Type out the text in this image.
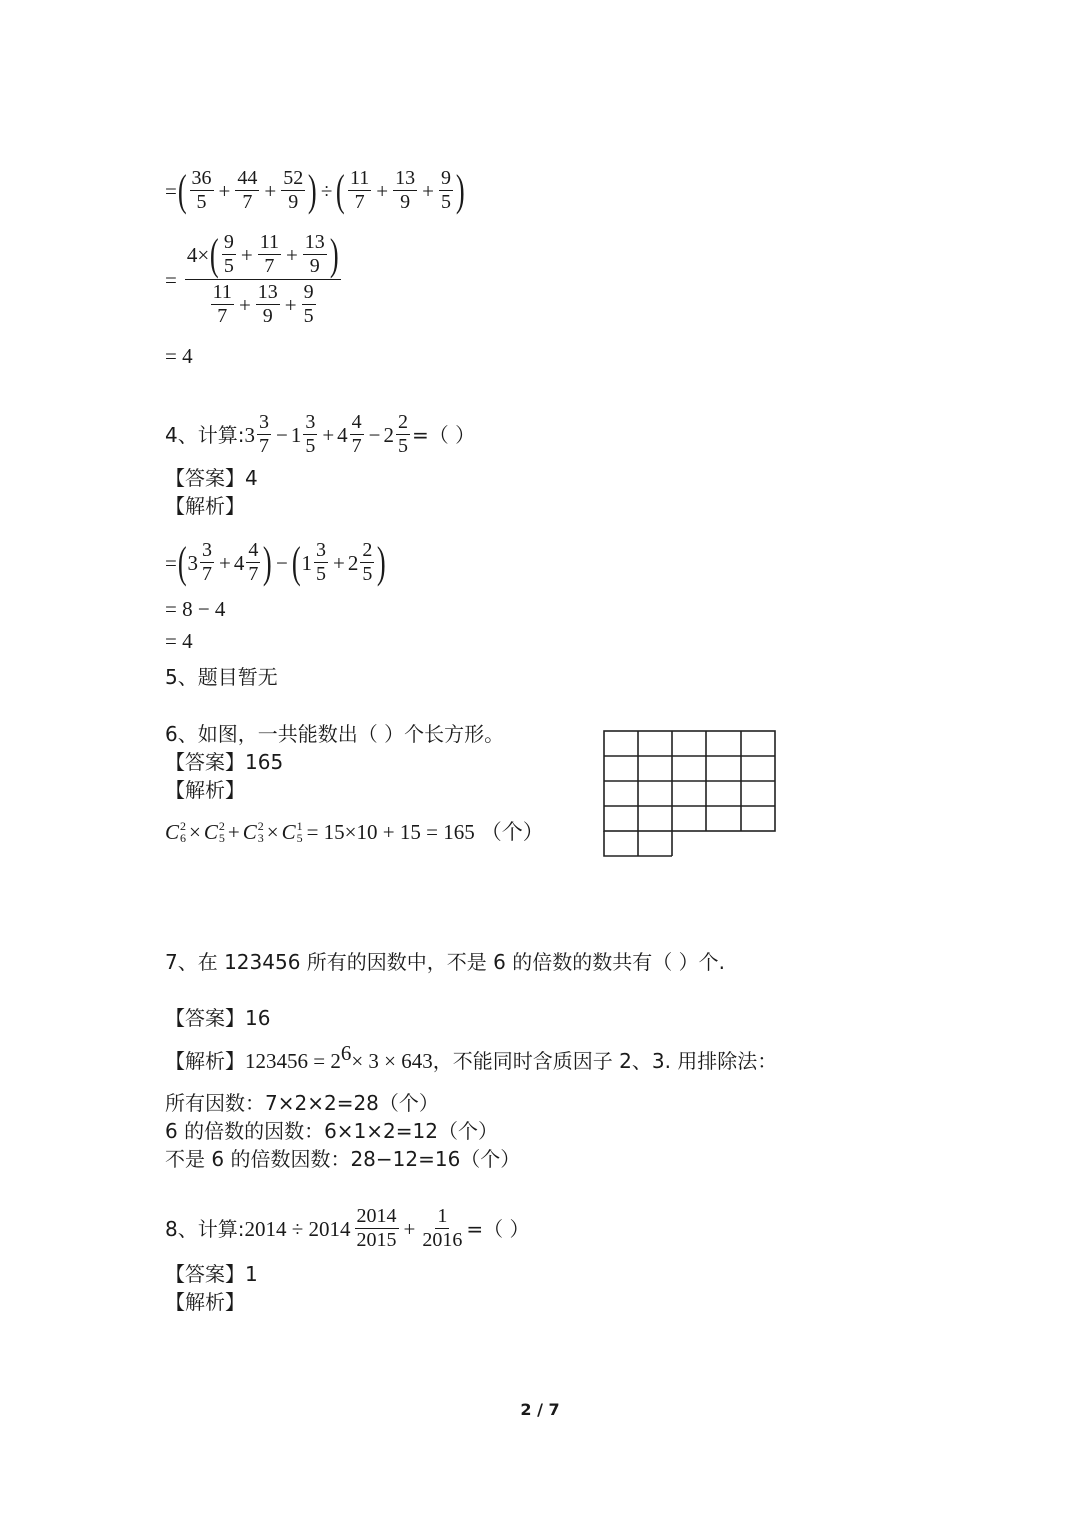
= ( $\frac{36}{5} + \frac{44}{7} + \frac{52}{9}$ ) ÷ ( $\frac{11}{7} + \frac{13}{9} + \frac{9}{5}$ )
=
4× ( $\frac{9}{5} + \frac{11}{7} + \frac{13}{9}$ )
$\frac{11}{7} + \frac{13}{9} + \frac{9}{5}$
= 4
4、计算: $3 \frac{3}{7} - 1 \frac{3}{5} + 4 \frac{4}{7} - 2 \frac{2}{5}$ =（ ）
【答案】 4
【解析】
= ( $3 \frac{3}{7} + 4 \frac{4}{7}$ ) − ( $1 \frac{3}{5} + 2 \frac{2}{5}$ )
= 8 − 4
= 4
5、题目暂无
6、如图，一共能数出（ ）个长方形。
【答案】 165
【解析】
C 2
6 × C 2
5 + C 2
3 × C 1
5 = 15×10 + 15 = 165 （个）
7、在 123456 所有的因数中，不是 6 的倍数的数共有（ ）个.
【答案】 16
【解析】 $123456 = 2^6 \times 3 \times 643$ ，不能同时含质因子 2、3. 用排除法：
所有因数：7×2×2=28（个）
6 的倍数的因数：6×1×2=12（个）
不是 6 的倍数因数：28−12=16（个）
8、计算: $2014 \div 2014 \frac{2014}{2015} + \frac{1}{2016}$ =（ ）
【答案】 1
【解析】
2 / 7
